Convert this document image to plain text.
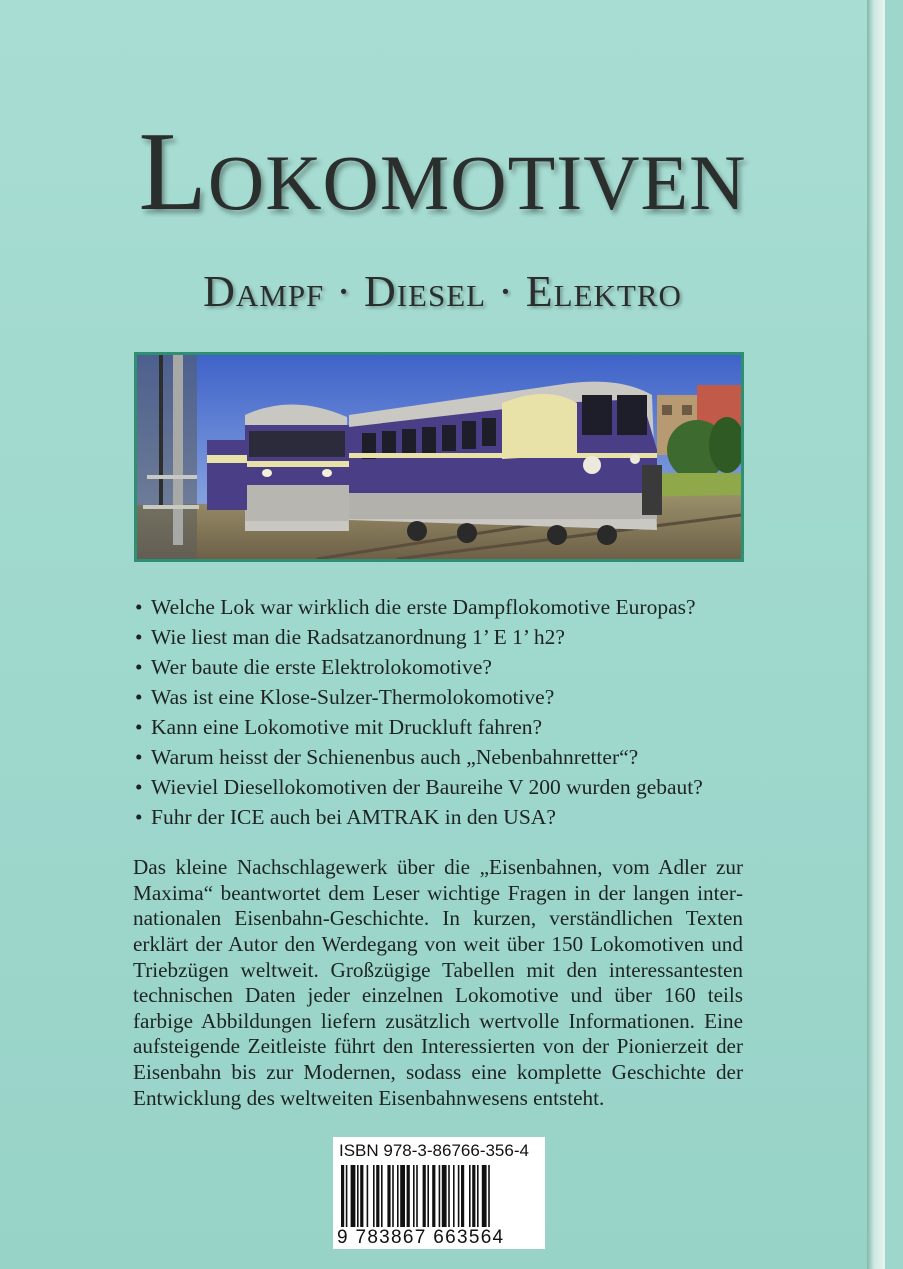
Lokomotiven
Dampf · Diesel · Elektro
• Welche Lok war wirklich die erste Dampflokomotive Europas?
• Wie liest man die Radsatzanordnung 1’ E 1’ h2?
• Wer baute die erste Elektrolokomotive?
• Was ist eine Klose-Sulzer-Thermolokomotive?
• Kann eine Lokomotive mit Druckluft fahren?
• Warum heisst der Schienenbus auch „Nebenbahnretter“?
• Wieviel Diesellokomotiven der Baureihe V 200 wurden gebaut?
• Fuhr der ICE auch bei AMTRAK in den USA?

Das kleine Nachschlagewerk über die „Eisenbahnen, vom Adler zur Maxima“ beantwortet dem Leser wichtige Fragen in der langen internationalen Eisenbahn-Geschichte. In kurzen, verständlichen Texten erklärt der Autor den Werdegang von weit über 150 Lokomotiven und Triebzügen weltweit. Großzügige Tabellen mit den interessantesten technischen Daten jeder einzelnen Lokomotive und über 160 teils farbige Abbildungen liefern zusätzlich wertvolle Informationen. Eine aufsteigende Zeitleiste führt den Interessierten von der Pionierzeit der Eisenbahn bis zur Modernen, sodass eine komplette Geschichte der Entwicklung des weltweiten Eisenbahnwesens entsteht.

ISBN 978-3-86766-356-4
9 783867 663564
